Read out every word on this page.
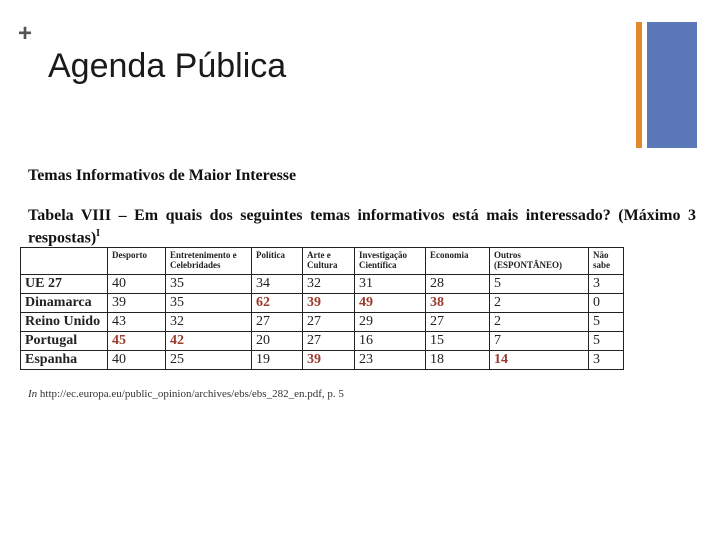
+
Agenda Pública
Temas Informativos de Maior Interesse
Tabela VIII – Em quais dos seguintes temas informativos está mais interessado? (Máximo 3 respostas)$^I$
	Desporto	Entretenimento e Celebridades	Política	Arte e Cultura	Investigação Científica	Economia	Outros (ESPONTÂNEO)	Não sabe
UE 27	40	35	34	32	31	28	5	3
Dinamarca	39	35	62	39	49	38	2	0
Reino Unido	43	32	27	27	29	27	2	5
Portugal	45	42	20	27	16	15	7	5
Espanha	40	25	19	39	23	18	14	3
In http://ec.europa.eu/public_opinion/archives/ebs/ebs_282_en.pdf, p. 5
